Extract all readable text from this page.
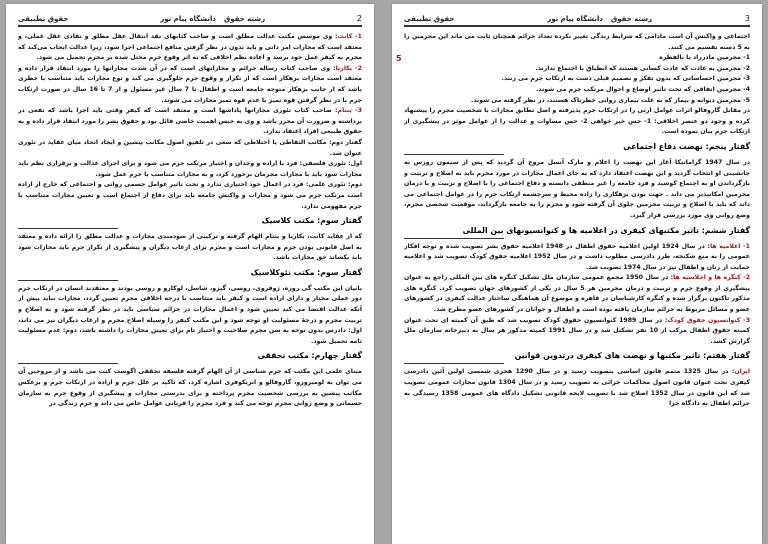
2
رشته حقوق
دانشگاه پیام نور
حقوق تطبیقی
1- کانت: وی موسس مکتب عدالت مطلق است و صاحب کتابهای نقد انتقال عقل مطلق و نقادی عقل عملی، و معتقد است که مجازات امر ذاتی و باید بدون در نظر گرفتن منافع اجتماعی اجرا شود، زیرا عدالت ایجاب می‌کند که مجرم به کیفر عمل خود برسد و اعاده نظم اخلاقی که به اثر وقوع جرم مختل شده بر مجرم تحمیل می شود.
2- بکاریا: وی صاحب کتاب رساله جرائم و مجازاتهای است که در آن شدت مجازاتها را مورد انتقاد قرار داده و معتقد است مجازات بزهکار است که از تکرار و وقوع جرم جلوگیری می کند و نوع مجازات باید متناسب با خطری باشد که از جانب بزهکار متوجه جامعه است و اطفال تا 7 سال غیر مسئول و از 7 تا 16 سال در صورت ارتکاب جرم با در نظر گرفتن قوه تمیز یا عدم قوه تمیز مجازات می شوند.
3- بنتام: صاحب کتاب تئوری مجازاتها پاداشها است و معتقد است که کیفر وقتی باید اجرا باشد که نفعی در برداشته و ضرورت آن محرز باشد و وی به حبس اهمیت خاصی قائل بود و حقوق بشر را مورد انتقاد قرار داده و به حقوق طبیعی افراد اعتقاد ندارد.
گفتار دوم: مکاتب التقاطی یا اختلاطی که سعی در تلفیق اصول مکاتب پیشین و ایجاد اتحاد میان عقاید در تئوری عنوان شد.
اول: تئوری فلسفی: فرد با اراده و وجدان و اختیار مرتکب جرم می شود و برای اجرای عدالت و برقراری نظم باید مجازات شود باید با مجازات مجرمان برخورد کرد، و به مجازات متناسب با جرم عمل شود.
دوم: تئوری علمی: فرد در اعمال خود اختیاری ندارد و تحت تاثیر عوامل جسمی روانی و اجتماعی که خارج از اراده است مرتکب جرم می شود و مجازات و واکنش جامعه باید برای دفاع از اجتماع است و تعیین مجازات متناسب با جرم مفهومی ندارد.
گفتار سوم: مکتب کلاسیک
که از عقاید کانت، بکاریا و بنتام الهام گرفته و ترکیبی از سودمندی مجازات و عدالت مطلق را ارائه داده و معتقد به اصل قانونی بودن جرم و مجازات است و مجرم برای ارعاب دیگران و پیشگیری از تکرار جرم باید مجازات شود باید بکشاند حق مجازات باشد.
گفتار سوم: مکتب نئوکلاسیک
بانیان این مکتب گی روزه، ژوفروی، روسی، گیزو، شاسل، لوکارو و روسی بودند و معتقدند انسان در ارتکاب جرم دور عملی مختار و دارای اراده است و کیفر باید متناسب با درجه اخلاقی مجرم تعیین گردد، مجازات نباید بیش از آنکه عدالت اقتضا می کند تعیین شود و اعمال مجازات در جرائم سیاسی باید در نظر گرفته شود و به اصلاح و تربیت مجرم و درجهٔ مسئولیت او توجه شود و این مکتب کیفر را وسیله اصلاح مجرم و ارعاب دیگران نیز می داند، اول: دادرس بدون توجه به سن مجرم صلاحیت و اختیار تام برای تعیین مجازات را داشته باشد، دوم: عدم مسئولیت تامه تحمیل شود.
گفتار چهارم: مکتب تحققی
مبنای علمی این مکتب که جرم شناسی از آن الهام گرفته فلسفه تحققی اگوست کنت می باشد و از مروجین آن می توان به لومبروزو، گاروفالو و انریکوفری اشاره کرد، که تاکید بر علل جرم و اراده در ارتکاب جرم و برعکس مکاتب پیشین به بررسی شخصیت مجرم پرداخته و برای بدرستی مجازات و پیشگیری از وقوع جرم به سازمان جسمانی و وضع روانی مجرم توجه می کند و فرد مجرم را قربانی عوامل خاص می داند و جرم زندگی در
3
رشته حقوق
دانشگاه پیام نور
حقوق تطبیقی
5
اجتماعی و واکنش آن است مادامی که شرایط زندگی تغییر نکرده تعداد جرائم همچنان ثابت می ماند این مجرمین را به 5 دسته تقسیم می کنند.
1- مجرمین مادرزاد یا بالفطره
2- مجرمین به عادت که عادت کسانی هستند که انطباق با اجتماع ندارند.
3- مجرمین احساساتی که بدون تفکر و تصمیم قبلی دست به ارتکاب جرم می زنند.
4- مجرمین اتفاقی که تحت تاثیر اوضاع و احوال مرتکب جرم می شوند.
5- مجرمین دیوانه و بیمار که به علت بیماری روانی خطرناک هستند، در نظر گرفته می شوند.
در مقابل گاروفالو اثرات عوامل ارثی را در ارتکاب جرم پذیرفته و اصل تطابق مجازات با شخصیت مجرم را پیشنهاد کرده و وجود دو عنصر اخلاقی: 1- حس خیر خواهی 2- حس مساوات و عدالت را از عوامل موثر در پیشگیری از ارتکاب جرم بیان نموده است.
گفتار پنجم: نهضت دفاع اجتماعی
در سال 1947 گراماتیکا آغاز این نهضت را اعلام و مارک آنسل مروج آن گردید که پس از سیمون روزس به جانشینی او انتخاب گردید و این نهضت اعتقاد دارد که به جای اعمال مجازات در مورد مجرم باید به اصلاح و تربیت و بازگرداندن او به اجتماع کوشید و فرد جامعه را غیر منطقی دانسته و دفاع اجتماعی را با اصلاح و تربیت و با درمان مجرمین امکانپذیر می داند . جهت بودن بزهکاری را زاده محیط و سرچشمه ارتکاب جرم را در عوامل اجتماعی می داند که باید با اصلاح و تربیت مجرمین جلوی آن گرفته شود و مجرم را به جامعه بازگرداند، موقعیت شخصی مجرم، وضع روانی وی مورد بررسی قرار گیرد.
گفتار ششم: تاثیر مکتبهای کیفری در اعلامیه ها و کنوانسیونهای بین المللی
1- اعلامیه ها: در سال 1924 اولین اعلامیه حقوق اطفال در 1948 اعلامیه حقوق بشر تصویب شده و توجه افکار عمومی را به منع شکنجه، طرز دادرسی مطلوب داشت و در سال 1952 اعلامیه حقوق کودک تصویب شد و اعلامیه حمایت از زنان و اطفال نیز در سال 1974 تصویب شد.
2- کنگره ها و اجلاسیه ها: در سال 1950 مجمع عمومی سازمان ملل تشکیل کنگره های بین المللی راجع به عنوان پیشگیری از وقوع جرم و تربیت و درمان مجرمین هر 5 سال در یکی از کشورهای جهان تصویب کرد. کنگره های مذکور تاکنون برگزار شده و کنگره کارشناسان در قاهره و موضوع آن هماهنگی ساختار عدالت کیفری در کشورهای عضو و مسائل مربوط به جرائم سازمان یافته بوده است و اطفال و جوانان در کشورهای عضو مطرح شد.
3- کنوانسیون حقوق کودک: در سال 1989 کنوانسیون حقوق کودک تصویب شد که طبق آن کمیته ای تحت عنوان کمیته حقوق اطفال مرکب از 10 نفر تشکیل شد و در سال 1991 کمیته مذکور هر سال به دبیرخانه سازمان ملل گزارش کشد.
گفتار هفتم: تاثیر مکتبها و نهضت های کیفری درتدوین قوانین
ایران: در سال 1325 متمم قانون اساسی بتصویب رسید و در سال 1290 هجری شمسی اولین آئین دادرسی کیفری تحت عنوان قانون اصول محاکمات جزائی به تصویب رسید و در سال 1304 قانون مجازات عمومی تصویب شد که این قانون در سال 1352 اصلاح شد با تصویب لایحه قانونی تشکیل دادگاه های عمومی 1358 رسیدگی به جرائم اطفال به دادگاه جزا
